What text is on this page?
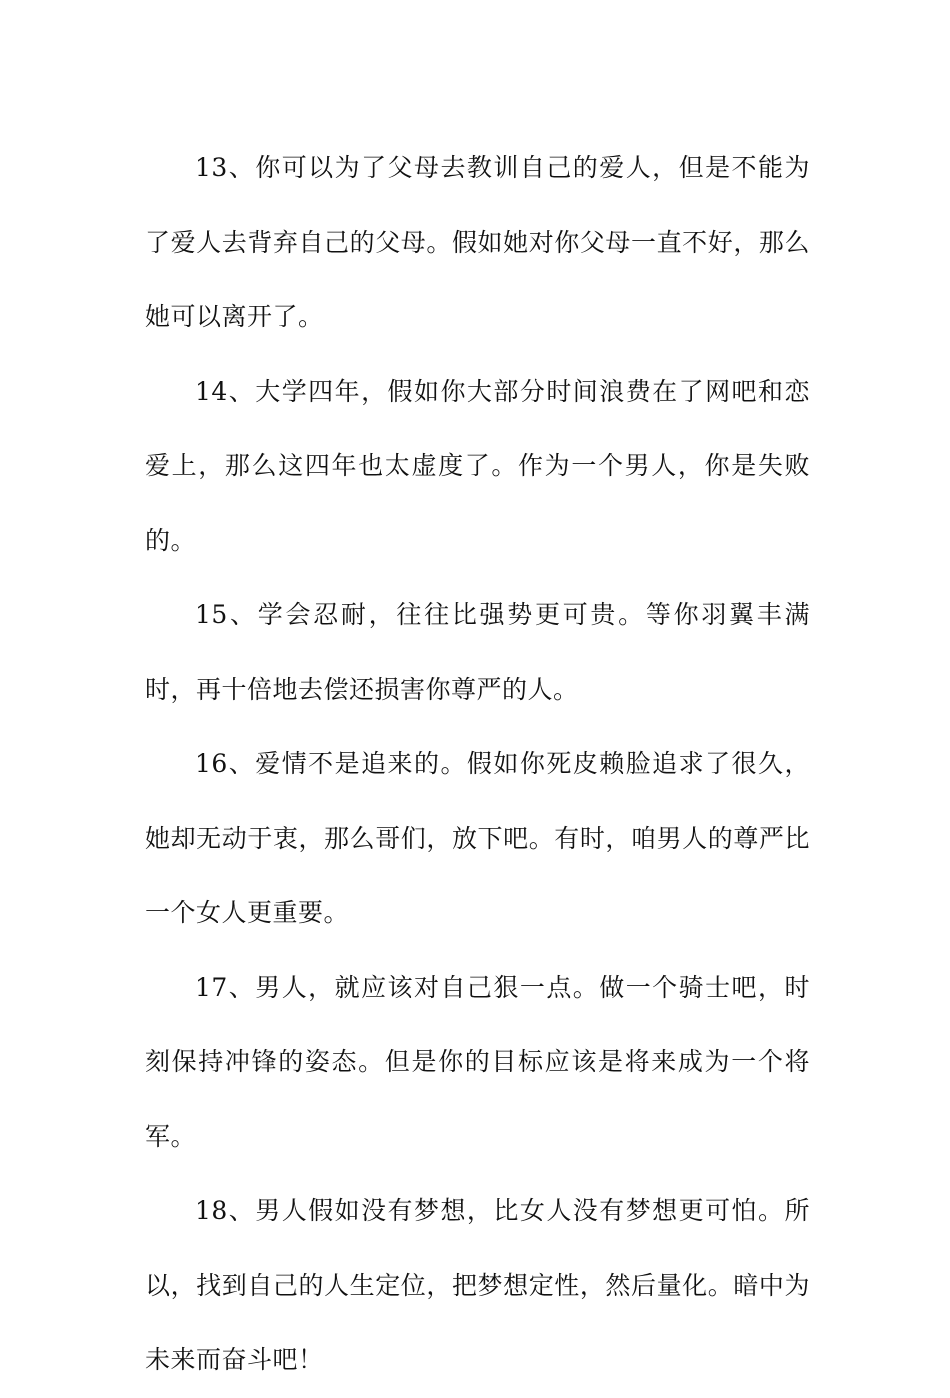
13、你可以为了父母去教训自己的爱人，但是不能为了爱人去背弃自己的父母。假如她对你父母一直不好，那么她可以离开了。

14、大学四年，假如你大部分时间浪费在了网吧和恋爱上，那么这四年也太虚度了。作为一个男人，你是失败的。

15、学会忍耐，往往比强势更可贵。等你羽翼丰满时，再十倍地去偿还损害你尊严的人。

16、爱情不是追来的。假如你死皮赖脸追求了很久，她却无动于衷，那么哥们，放下吧。有时，咱男人的尊严比一个女人更重要。

17、男人，就应该对自己狠一点。做一个骑士吧，时刻保持冲锋的姿态。但是你的目标应该是将来成为一个将军。

18、男人假如没有梦想，比女人没有梦想更可怕。所以，找到自己的人生定位，把梦想定性，然后量化。暗中为未来而奋斗吧！
